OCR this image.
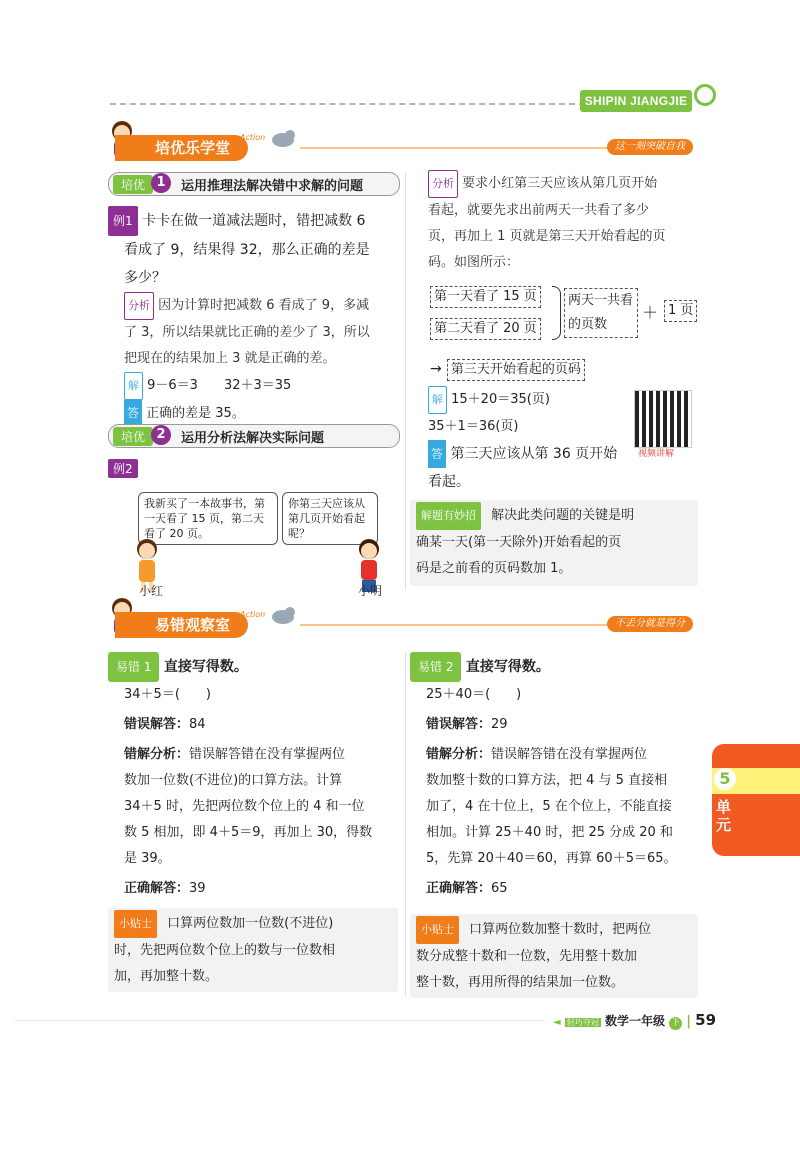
SHIPIN JIANGJIE
培优乐学堂
Action
这一刻突破自我
培优 1	运用推理法解决错中求解的问题
例1 卡卡在做一道减法题时，错把减数 6
看成了 9，结果得 32，那么正确的差是
多少？
分析 因为计算时把减数 6 看成了 9，多减
了 3，所以结果就比正确的差少了 3，所以
把现在的结果加上 3 就是正确的差。
解 9－6＝3　　32＋3＝35
答 正确的差是 35。
培优 2	运用分析法解决实际问题
例2
我新买了一本故事书，第一天看了 15 页，第二天看了 20 页。
你第三天应该从第几页开始看起呢？
小红	小明
分析 要求小红第三天应该从第几页开始
看起，就要先求出前两天一共看了多少
页，再加上 1 页就是第三天开始看起的页
码。如图所示：
第一天看了 15 页
第二天看了 20 页
两天一共看的页数
＋ 1 页
→ 第三天开始看起的页码
解 15＋20＝35(页)
35＋1＝36(页)
视频讲解
答 第三天应该从第 36 页开始
看起。
解题有妙招 解决此类问题的关键是明
确某一天(第一天除外)开始看起的页
码是之前看的页码数加 1。
易错观察室
Action
不丢分就是得分
易错 1 直接写得数。
34＋5＝(　　)
错误解答：84
错解分析：错误解答错在没有掌握两位
数加一位数(不进位)的口算方法。计算
34＋5 时，先把两位数个位上的 4 和一位
数 5 相加，即 4＋5＝9，再加上 30，得数
是 39。
正确解答：39
小贴士 口算两位数加一位数(不进位)
时，先把两位数个位上的数与一位数相
加，再加整十数。
易错 2 直接写得数。
25＋40＝(　　)
错误解答：29
错解分析：错误解答错在没有掌握两位
数加整十数的口算方法，把 4 与 5 直接相
加了，4 在十位上，5 在个位上，不能直接
相加。计算 25＋40 时，把 25 分成 20 和
5，先算 20＋40＝60，再算 60＋5＝65。
正确解答：65
小贴士 口算两位数加整十数时，把两位
数分成整十数和一位数，先用整十数加
整十数，再用所得的结果加一位数。
5
单元
◄ 轻巧夺冠 数学一年级 下 | 59
